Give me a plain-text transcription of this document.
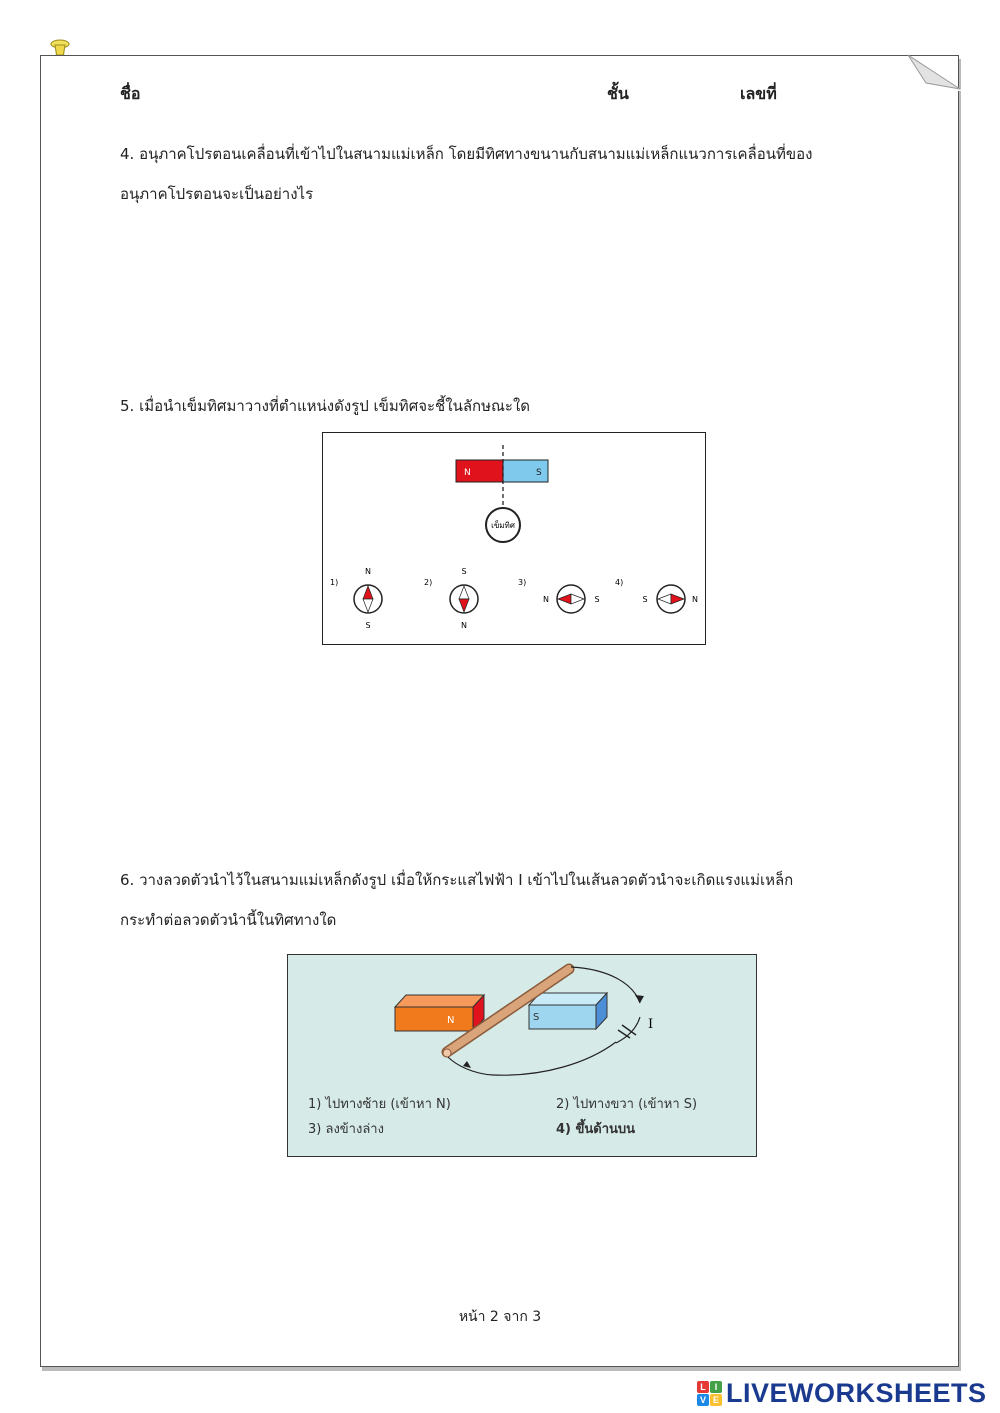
ชื่อ	ชั้น	เลขที่
4. อนุภาคโปรตอนเคลื่อนที่เข้าไปในสนามแม่เหล็ก โดยมีทิศทางขนานกับสนามแม่เหล็กแนวการเคลื่อนที่ของ
อนุภาคโปรตอนจะเป็นอย่างไร
5. เมื่อนำเข็มทิศมาวางที่ตำแหน่งดังรูป เข็มทิศจะชี้ในลักษณะใด
N	S
เข็มทิศ
1)
N
S
2)
S
N
3)
N	S
4)
S	N
6. วางลวดตัวนำไว้ในสนามแม่เหล็กดังรูป เมื่อให้กระแสไฟฟ้า I เข้าไปในเส้นลวดตัวนำจะเกิดแรงแม่เหล็ก
กระทำต่อลวดตัวนำนี้ในทิศทางใด
N	S	I
1) ไปทางซ้าย (เข้าหา N)	2) ไปทางขวา (เข้าหา S)
3) ลงข้างล่าง	4) ขึ้นด้านบน
หน้า 2 จาก 3
L I
V E LIVEWORKSHEETS
